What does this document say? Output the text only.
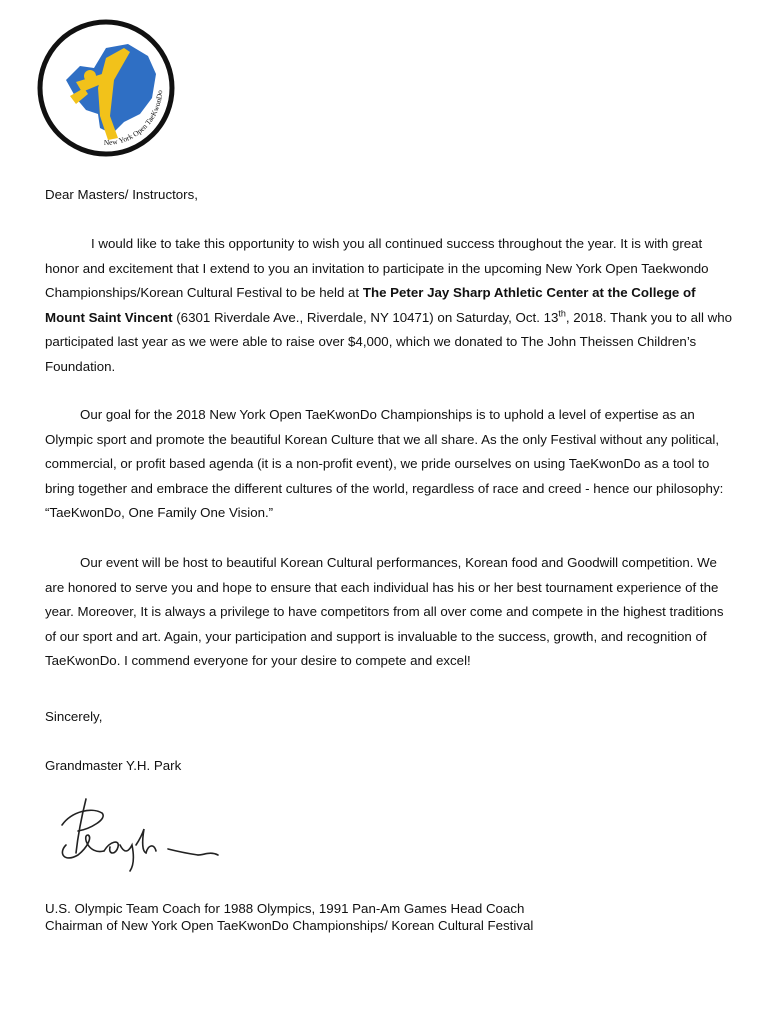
New York Open TaeKwonDo
Dear Masters/ Instructors,
I would like to take this opportunity to wish you all continued success throughout the year. It is with great honor and excitement that I extend to you an invitation to participate in the upcoming New York Open Taekwondo Championships/Korean Cultural Festival to be held at The Peter Jay Sharp Athletic Center at the College of Mount Saint Vincent (6301 Riverdale Ave., Riverdale, NY 10471) on Saturday, Oct. 13th, 2018. Thank you to all who participated last year as we were able to raise over $4,000, which we donated to The John Theissen Children’s Foundation.
Our goal for the 2018 New York Open TaeKwonDo Championships is to uphold a level of expertise as an Olympic sport and promote the beautiful Korean Culture that we all share. As the only Festival without any political, commercial, or profit based agenda (it is a non-profit event), we pride ourselves on using TaeKwonDo as a tool to bring together and embrace the different cultures of the world, regardless of race and creed - hence our philosophy: “TaeKwonDo, One Family One Vision.”
Our event will be host to beautiful Korean Cultural performances, Korean food and Goodwill competition. We are honored to serve you and hope to ensure that each individual has his or her best tournament experience of the year. Moreover, It is always a privilege to have competitors from all over come and compete in the highest traditions of our sport and art. Again, your participation and support is invaluable to the success, growth, and recognition of TaeKwonDo. I commend everyone for your desire to compete and excel!
Sincerely,
Grandmaster Y.H. Park
U.S. Olympic Team Coach for 1988 Olympics, 1991 Pan-Am Games Head Coach
Chairman of New York Open TaeKwonDo Championships/ Korean Cultural Festival
